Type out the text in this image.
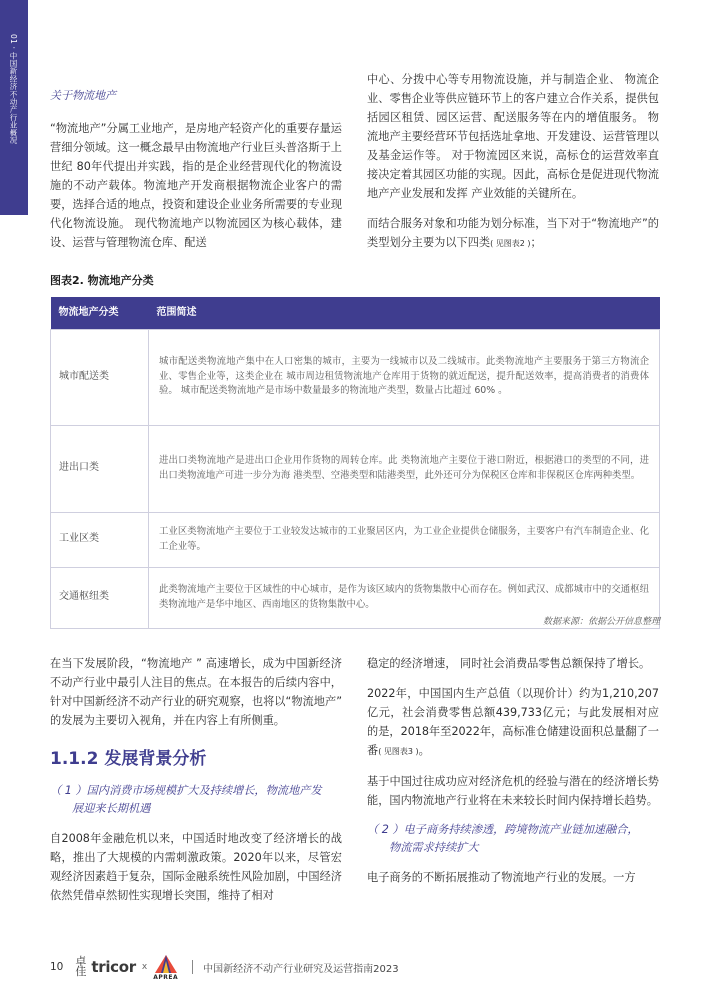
01 · 中国新经济不动产行业概况	关于物流地产

“物流地产”分属工业地产，是房地产轻资产化的重要存量运营细分领域。这一概念最早由物流地产行业巨头普洛斯于上世纪 80年代提出并实践，指的是企业经营现代化的物流设施的不动产载体。物流地产开发商根据物流企业客户的需要，选择合适的地点，投资和建设企业业务所需要的专业现代化物流设施。 现代物流地产以物流园区为核心载体，建设、运营与管理物流仓库、配送

中心、分拨中心等专用物流设施，并与制造企业、 物流企业、零售企业等供应链环节上的客户建立合作关系，提供包括园区租赁、园区运营、配送服务等在内的增值服务。 物流地产主要经营环节包括选址拿地、开发建设、运营管理以及基金运作等。 对于物流园区来说，高标仓的运营效率直接决定着其园区功能的实现。因此，高标仓是促进现代物流地产产业发展和发挥 产业效能的关键所在。

而结合服务对象和功能为划分标准，当下对于“物流地产”的类型划分主要为以下四类( 见图表2 )；

图表2. 物流地产分类
物流地产分类	范围简述
城市配送类	城市配送类物流地产集中在人口密集的城市，主要为一线城市以及二线城市。此类物流地产主要服务于第三方物流企业、零售企业等，这类企业在 城市周边租赁物流地产仓库用于货物的就近配送，提升配送效率，提高消费者的消费体验。 城市配送类物流地产是市场中数量最多的物流地产类型，数量占比超过 60% 。
进出口类	进出口类物流地产是进出口企业用作货物的周转仓库。此 类物流地产主要位于港口附近，根据港口的类型的不同，进出口类物流地产可进一步分为海 港类型、空港类型和陆港类型，此外还可分为保税区仓库和非保税区仓库两种类型。
工业区类	工业区类物流地产主要位于工业较发达城市的工业聚居区内，为工业企业提供仓储服务，主要客户有汽车制造企业、化工企业等。
交通枢纽类	此类物流地产主要位于区域性的中心城市，是作为该区域内的货物集散中心而存在。例如武汉、成都城市中的交通枢纽类物流地产是华中地区、西南地区的货物集散中心。
数据来源：依据公开信息整理

在当下发展阶段，“物流地产 ” 高速增长，成为中国新经济不动产行业中最引人注目的焦点。在本报告的后续内容中，针对中国新经济不动产行业的研究观察，也将以“物流地产” 的发展为主要切入视角，并在内容上有所侧重。

1.1.2 发展背景分析
（ 1 ）国内消费市场规模扩大及持续增长，物流地产发
展迎来长期机遇

自2008年金融危机以来，中国适时地改变了经济增长的战略，推出了大规模的内需刺激政策。2020年以来，尽管宏观经济因素趋于复杂，国际金融系统性风险加剧，中国经济依然凭借卓然韧性实现增长突围，维持了相对

稳定的经济增速， 同时社会消费品零售总额保持了增长。

2022年，中国国内生产总值（以现价计）约为1,210,207 亿元，社会消费零售总额439,733亿元；与此发展相对应的是，2018年至2022年，高标准仓储建设面积总量翻了一番( 见图表3 )。

基于中国过往成功应对经济危机的经验与潜在的经济增长势能，国内物流地产行业将在未来较长时间内保持增长趋势。

（ 2 ）电子商务持续渗透，跨境物流产业链加速融合，
物流需求持续扩大

电子商务的不断拓展推动了物流地产行业的发展。一方

10 卓佳 tricor x
APREA
中国新经济不动产行业研究及运营指南2023
